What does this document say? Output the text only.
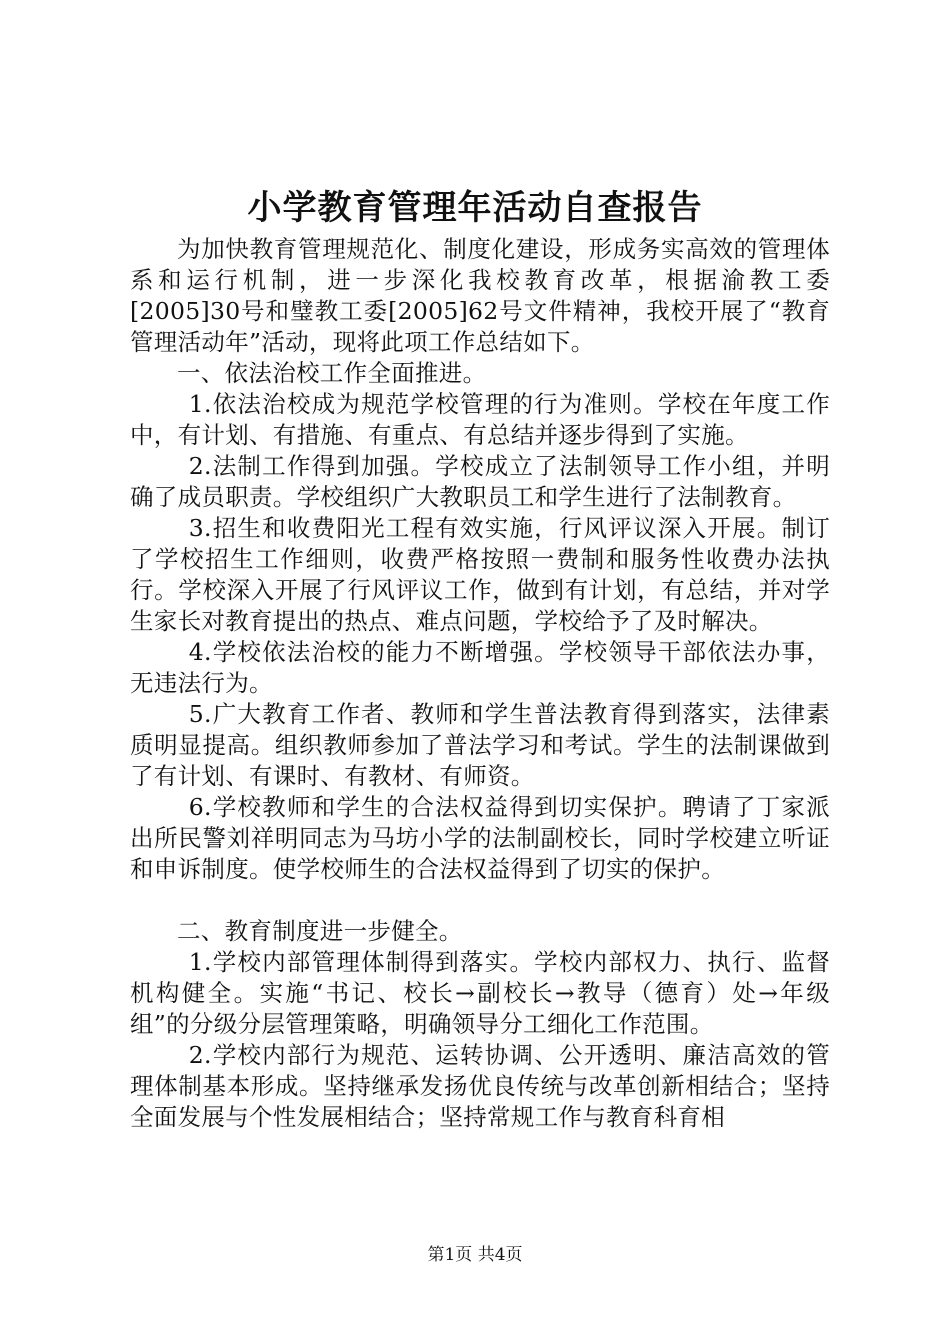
小学教育管理年活动自查报告

为加快教育管理规范化、制度化建设，形成务实高效的管理体系和运行机制，进一步深化我校教育改革，根据渝教工委[2005]30号和璧教工委[2005]62号文件精神，我校开展了“教育管理活动年”活动，现将此项工作总结如下。

一、依法治校工作全面推进。

1.依法治校成为规范学校管理的行为准则。学校在年度工作中，有计划、有措施、有重点、有总结并逐步得到了实施。

2.法制工作得到加强。学校成立了法制领导工作小组，并明确了成员职责。学校组织广大教职员工和学生进行了法制教育。

3.招生和收费阳光工程有效实施，行风评议深入开展。制订了学校招生工作细则，收费严格按照一费制和服务性收费办法执行。学校深入开展了行风评议工作，做到有计划，有总结，并对学生家长对教育提出的热点、难点问题，学校给予了及时解决。

4.学校依法治校的能力不断增强。学校领导干部依法办事，无违法行为。

5.广大教育工作者、教师和学生普法教育得到落实，法律素质明显提高。组织教师参加了普法学习和考试。学生的法制课做到了有计划、有课时、有教材、有师资。

6.学校教师和学生的合法权益得到切实保护。聘请了丁家派出所民警刘祥明同志为马坊小学的法制副校长，同时学校建立听证和申诉制度。使学校师生的合法权益得到了切实的保护。

二、教育制度进一步健全。

1.学校内部管理体制得到落实。学校内部权力、执行、监督机构健全。实施“书记、校长→副校长→教导（德育）处→年级组”的分级分层管理策略，明确领导分工细化工作范围。

2.学校内部行为规范、运转协调、公开透明、廉洁高效的管理体制基本形成。坚持继承发扬优良传统与改革创新相结合；坚持全面发展与个性发展相结合；坚持常规工作与教育科育相

第1页 共4页
